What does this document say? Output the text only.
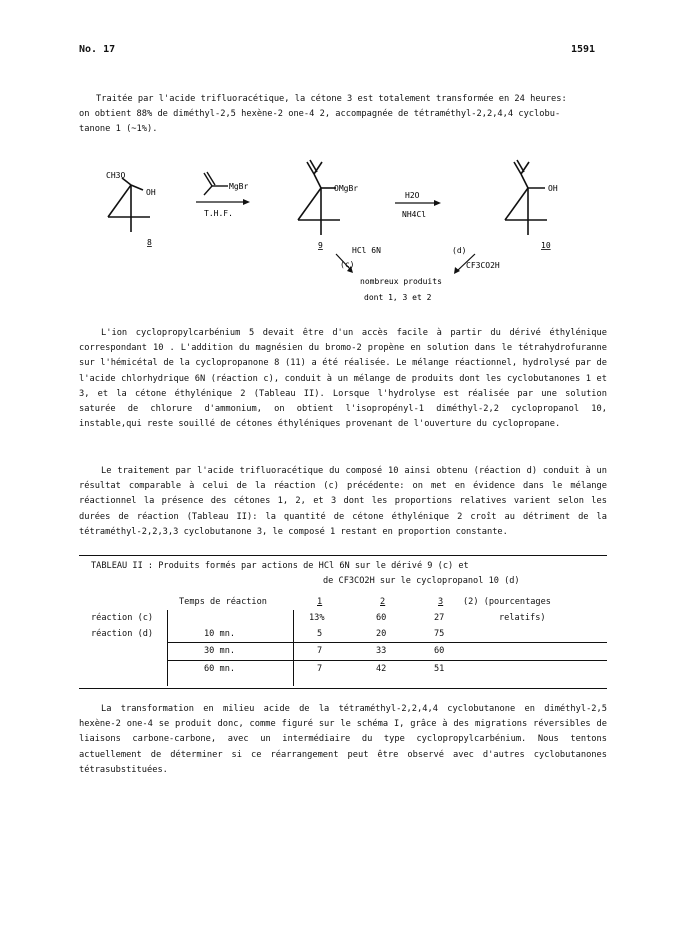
No. 17	1591
Traitée par l'acide trifluoracétique, la cétone 3 est totalement transformée en 24 heures:
on obtient 88% de diméthyl-2,5 hexène-2 one-4 2, accompagnée de tétraméthyl-2,2,4,4 cyclobu-
tanone 1 (~1%).
CH3O
OH
8
MgBr
T.H.F.
OMgBr
9
H2O
NH4Cl
OH
10
HCl 6N
(c)
(d)
CF3CO2H
nombreux produits
dont 1, 3 et 2
L'ion cyclopropylcarbénium 5 devait être d'un accès facile à partir du dérivé éthylénique correspondant 10 . L'addition du magnésien du bromo-2 propène en solution dans le tétrahydrofuranne sur l'hémicétal de la cyclopropanone 8 (11) a été réalisée. Le mélange réactionnel, hydrolysé par de l'acide chlorhydrique 6N (réaction c), conduit à un mélange de produits dont les cyclobutanones 1 et 3, et la cétone éthylénique 2 (Tableau II). Lorsque l'hydrolyse est réalisée par une solution saturée de chlorure d'ammonium, on obtient l'isopropényl-1 diméthyl-2,2 cyclopropanol 10, instable,qui reste souillé de cétones éthyléniques provenant de l'ouverture du cyclopropane.
Le traitement par l'acide trifluoracétique du composé 10 ainsi obtenu (réaction d) conduit à un résultat comparable à celui de la réaction (c) précédente: on met en évidence dans le mélange réactionnel la présence des cétones 1, 2, et 3 dont les proportions relatives varient selon les durées de réaction (Tableau II): la quantité de cétone éthylénique 2 croît au détriment de la tétraméthyl-2,2,3,3 cyclobutanone 3, le composé 1 restant en proportion constante.
TABLEAU II : Produits formés par actions de HCl 6N sur le dérivé 9 (c) et
de CF3CO2H sur le cyclopropanol 10 (d)
Temps de réaction	1	2	3 (2) (pourcentages
relatifs)
réaction (c)	13%	60	27
réaction (d)	10 mn.	5	20	75
30 mn.	7	33	60
60 mn.	7	42	51
La transformation en milieu acide de la tétraméthyl-2,2,4,4 cyclobutanone en diméthyl-2,5 hexène-2 one-4 se produit donc, comme figuré sur le schéma I, grâce à des migrations réversibles de liaisons carbone-carbone, avec un intermédiaire du type cyclopropylcarbénium. Nous tentons actuellement de déterminer si ce réarrangement peut être observé avec d'autres cyclobutanones tétrasubstituées.
